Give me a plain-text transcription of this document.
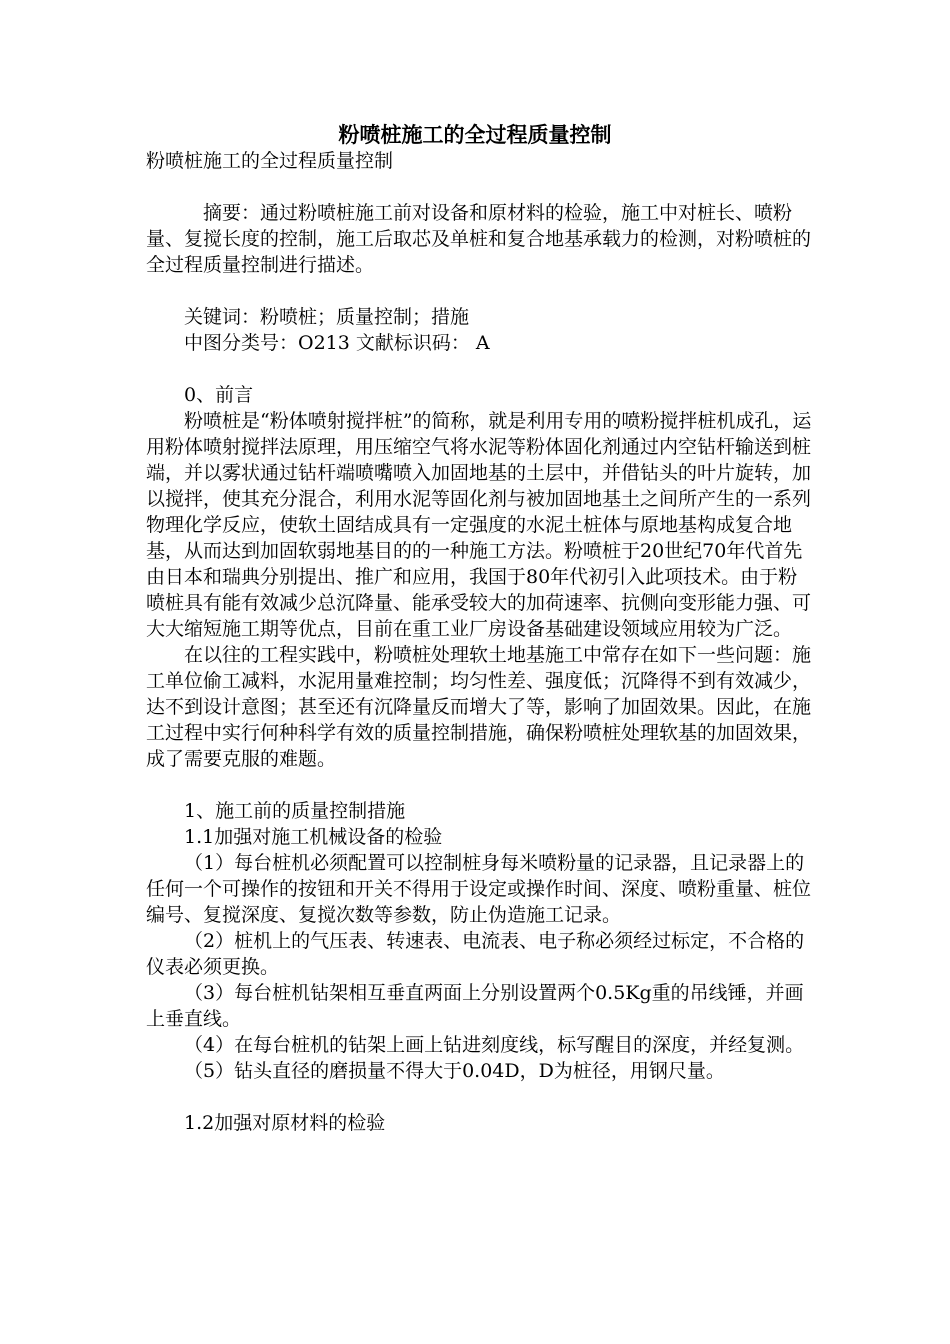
粉喷桩施工的全过程质量控制

粉喷桩施工的全过程质量控制

摘要：通过粉喷桩施工前对设备和原材料的检验，施工中对桩长、喷粉量、复搅长度的控制，施工后取芯及单桩和复合地基承载力的检测，对粉喷桩的全过程质量控制进行描述。

关键词：粉喷桩；质量控制；措施

中图分类号：O213 文献标识码： A

0、前言

粉喷桩是“粉体喷射搅拌桩”的简称，就是利用专用的喷粉搅拌桩机成孔，运用粉体喷射搅拌法原理，用压缩空气将水泥等粉体固化剂通过内空钻杆输送到桩端，并以雾状通过钻杆端喷嘴喷入加固地基的土层中，并借钻头的叶片旋转，加以搅拌，使其充分混合，利用水泥等固化剂与被加固地基土之间所产生的一系列物理化学反应，使软土固结成具有一定强度的水泥土桩体与原地基构成复合地基，从而达到加固软弱地基目的的一种施工方法。粉喷桩于20世纪70年代首先由日本和瑞典分别提出、推广和应用，我国于80年代初引入此项技术。由于粉喷桩具有能有效减少总沉降量、能承受较大的加荷速率、抗侧向变形能力强、可大大缩短施工期等优点，目前在重工业厂房设备基础建设领域应用较为广泛。

在以往的工程实践中，粉喷桩处理软土地基施工中常存在如下一些问题：施工单位偷工减料，水泥用量难控制；均匀性差、强度低；沉降得不到有效减少，达不到设计意图；甚至还有沉降量反而增大了等，影响了加固效果。因此，在施工过程中实行何种科学有效的质量控制措施，确保粉喷桩处理软基的加固效果，成了需要克服的难题。

1、施工前的质量控制措施

1.1加强对施工机械设备的检验

（1）每台桩机必须配置可以控制桩身每米喷粉量的记录器，且记录器上的任何一个可操作的按钮和开关不得用于设定或操作时间、深度、喷粉重量、桩位编号、复搅深度、复搅次数等参数，防止伪造施工记录。

（2）桩机上的气压表、转速表、电流表、电子称必须经过标定，不合格的仪表必须更换。

（3）每台桩机钻架相互垂直两面上分别设置两个0.5Kg重的吊线锤，并画上垂直线。

（4）在每台桩机的钻架上画上钻进刻度线，标写醒目的深度，并经复测。

（5）钻头直径的磨损量不得大于0.04D，D为桩径，用钢尺量。

1.2加强对原材料的检验
